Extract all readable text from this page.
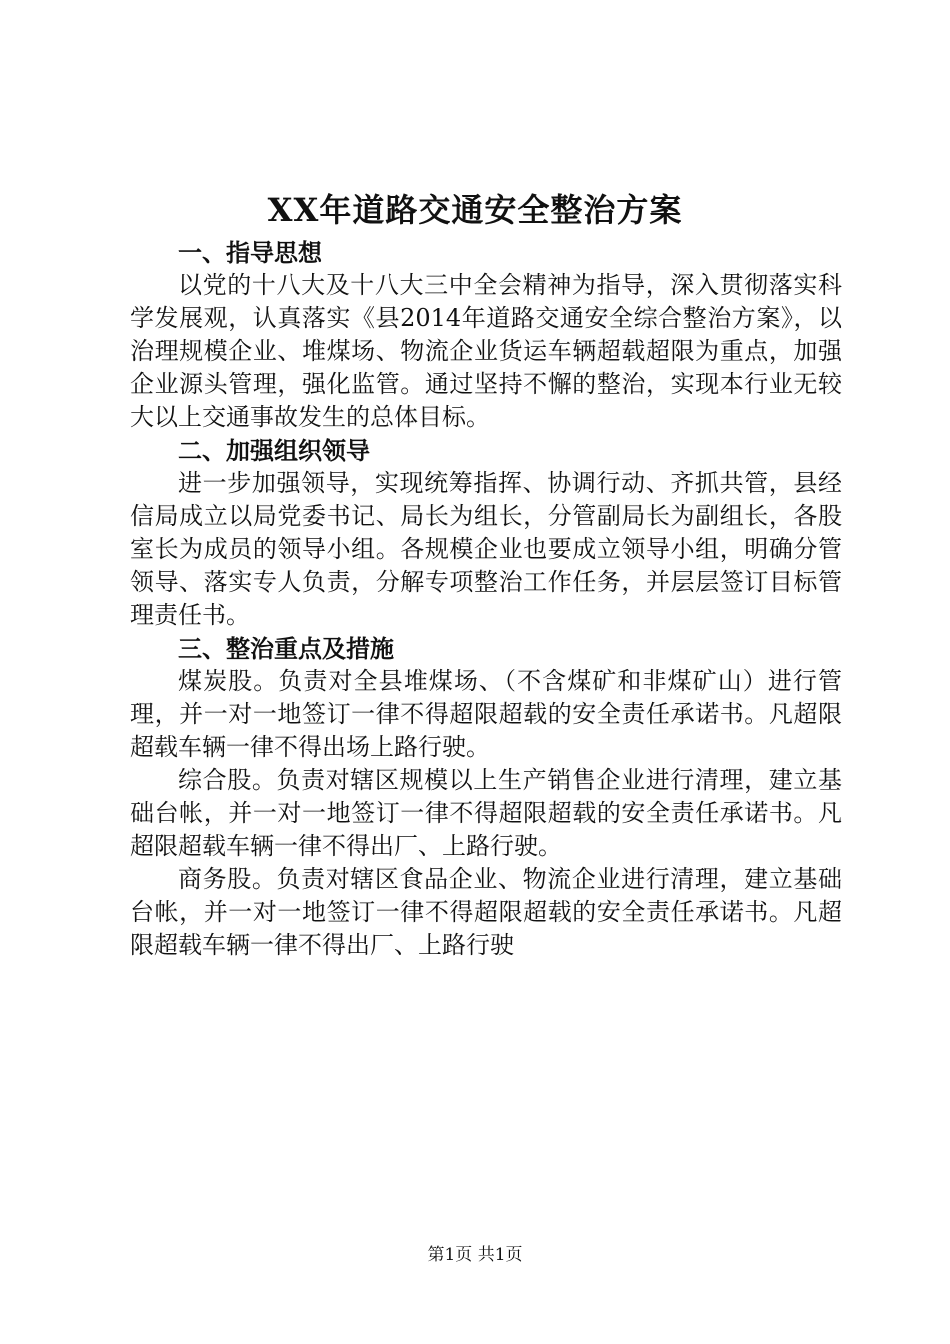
XX年道路交通安全整治方案

一、指导思想

以党的十八大及十八大三中全会精神为指导，深入贯彻落实科学发展观，认真落实《县2014年道路交通安全综合整治方案》，以治理规模企业、堆煤场、物流企业货运车辆超载超限为重点，加强企业源头管理，强化监管。通过坚持不懈的整治，实现本行业无较大以上交通事故发生的总体目标。

二、加强组织领导

进一步加强领导，实现统筹指挥、协调行动、齐抓共管，县经信局成立以局党委书记、局长为组长，分管副局长为副组长，各股室长为成员的领导小组。各规模企业也要成立领导小组，明确分管领导、落实专人负责，分解专项整治工作任务，并层层签订目标管理责任书。

三、整治重点及措施

煤炭股。负责对全县堆煤场、（不含煤矿和非煤矿山）进行管理，并一对一地签订一律不得超限超载的安全责任承诺书。凡超限超载车辆一律不得出场上路行驶。

综合股。负责对辖区规模以上生产销售企业进行清理，建立基础台帐，并一对一地签订一律不得超限超载的安全责任承诺书。凡超限超载车辆一律不得出厂、上路行驶。

商务股。负责对辖区食品企业、物流企业进行清理，建立基础台帐，并一对一地签订一律不得超限超载的安全责任承诺书。凡超限超载车辆一律不得出厂、上路行驶

第1页 共1页
